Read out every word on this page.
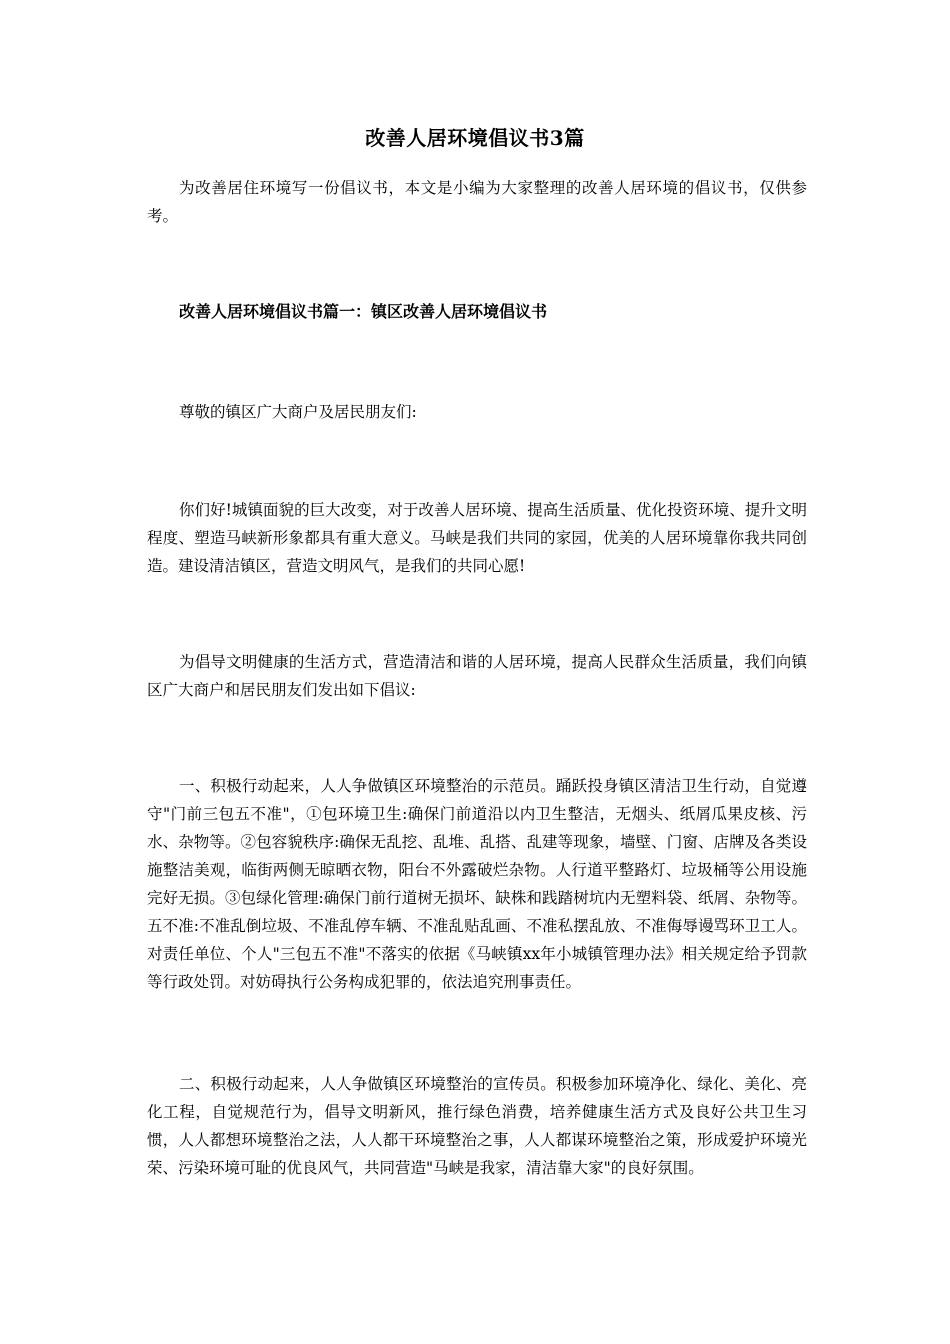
改善人居环境倡议书3篇

为改善居住环境写一份倡议书，本文是小编为大家整理的改善人居环境的倡议书，仅供参考。

改善人居环境倡议书篇一：镇区改善人居环境倡议书

尊敬的镇区广大商户及居民朋友们:

你们好!城镇面貌的巨大改变，对于改善人居环境、提高生活质量、优化投资环境、提升文明程度、塑造马峡新形象都具有重大意义。马峡是我们共同的家园，优美的人居环境靠你我共同创造。建设清洁镇区，营造文明风气，是我们的共同心愿!

为倡导文明健康的生活方式，营造清洁和谐的人居环境，提高人民群众生活质量，我们向镇区广大商户和居民朋友们发出如下倡议:

一、积极行动起来，人人争做镇区环境整治的示范员。踊跃投身镇区清洁卫生行动，自觉遵守"门前三包五不准"，①包环境卫生:确保门前道沿以内卫生整洁，无烟头、纸屑瓜果皮核、污水、杂物等。②包容貌秩序:确保无乱挖、乱堆、乱搭、乱建等现象，墙壁、门窗、店牌及各类设施整洁美观，临街两侧无晾晒衣物，阳台不外露破烂杂物。人行道平整路灯、垃圾桶等公用设施完好无损。③包绿化管理:确保门前行道树无损坏、缺株和践踏树坑内无塑料袋、纸屑、杂物等。五不准:不准乱倒垃圾、不准乱停车辆、不准乱贴乱画、不准私摆乱放、不准侮辱谩骂环卫工人。对责任单位、个人"三包五不准"不落实的依据《马峡镇xx年小城镇管理办法》相关规定给予罚款等行政处罚。对妨碍执行公务构成犯罪的，依法追究刑事责任。

二、积极行动起来，人人争做镇区环境整治的宣传员。积极参加环境净化、绿化、美化、亮化工程，自觉规范行为，倡导文明新风，推行绿色消费，培养健康生活方式及良好公共卫生习惯，人人都想环境整治之法，人人都干环境整治之事，人人都谋环境整治之策，形成爱护环境光荣、污染环境可耻的优良风气，共同营造"马峡是我家，清洁靠大家"的良好氛围。
